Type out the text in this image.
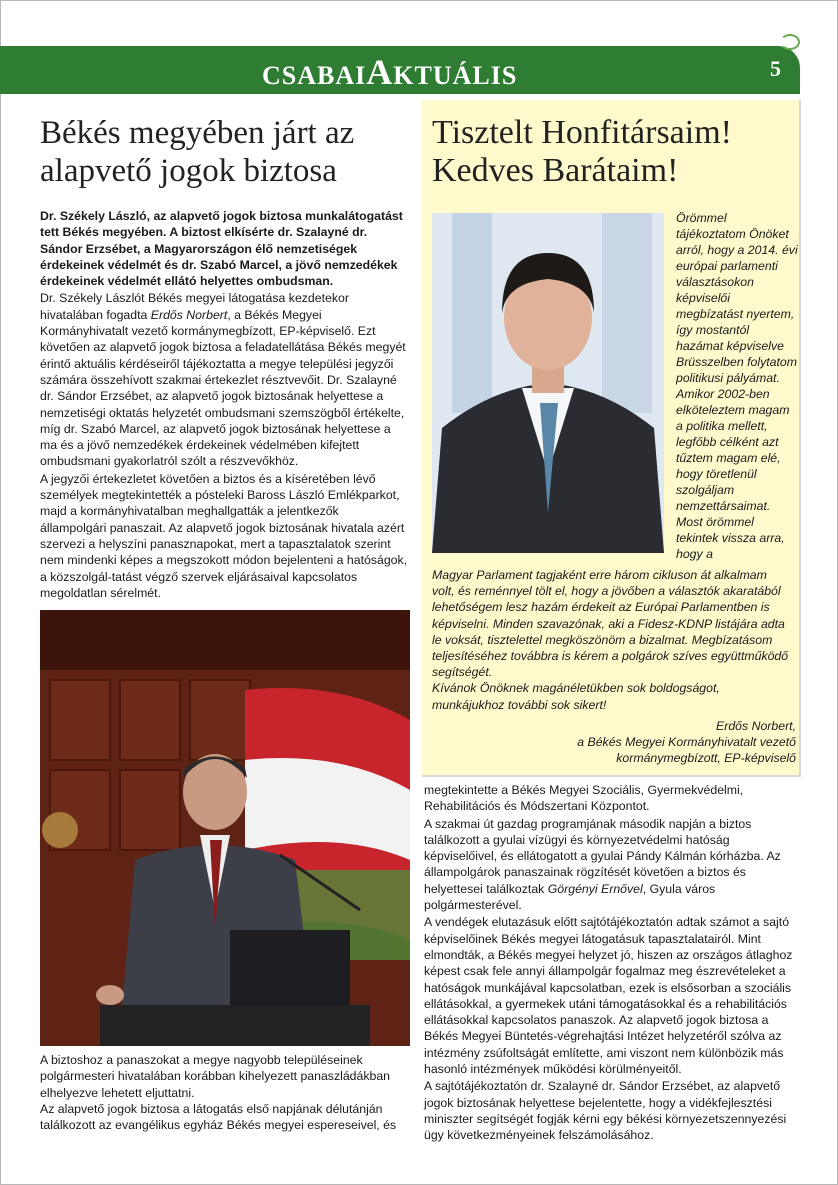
CSABAIAKTUÁLIS	5
Békés megyében járt az alapvető jogok biztosa

Dr. Székely László, az alapvető jogok biztosa munkalátogatást tett Békés megyében. A biztost elkísérte dr. Szalayné dr. Sándor Erzsébet, a Magyarországon élő nemzetiségek érdekeinek védelmét és dr. Szabó Marcel, a jövő nemzedékek érdekeinek védelmét ellátó helyettes ombudsman.

Dr. Székely Lászlót Békés megyei látogatása kezdetekor hivatalában fogadta Erdős Norbert, a Békés Megyei Kormányhivatalt vezető kormánymegbízott, EP-képviselő. Ezt követően az alapvető jogok biztosa a feladatellátása Békés megyét érintő aktuális kérdéseiről tájékoztatta a megye települési jegyzői számára összehívott szakmai értekezlet résztvevőit. Dr. Szalayné dr. Sándor Erzsébet, az alapvető jogok biztosának helyettese a nemzetiségi oktatás helyzetét ombudsmani szemszögből értékelte, míg dr. Szabó Marcel, az alapvető jogok biztosának helyettese a ma és a jövő nemzedékek érdekeinek védelmében kifejtett ombudsmani gyakorlatról szólt a részvevőkhöz.

A jegyzői értekezletet követően a biztos és a kíséretében lévő személyek megtekintették a pósteleki Baross László Emlékparkot, majd a kormányhivatalban meghallgatták a jelentkezők állampolgári panaszait. Az alapvető jogok biztosának hivatala azért szervezi a helyszíni panasznapokat, mert a tapasztalatok szerint nem mindenki képes a megszokott módon bejelenteni a hatóságok, a közszolgál-tatást végző szervek eljárásaival kapcsolatos megoldatlan sérelmét.

A biztoshoz a panaszokat a megye nagyobb településeinek polgármesteri hivatalában korábban kihelyezett panaszládákban elhelyezve lehetett eljuttatni.

Az alapvető jogok biztosa a látogatás első napjának délutánján találkozott az evangélikus egyház Békés megyei espereseivel, és

Tisztelt Honfitársaim! Kedves Barátaim!
Örömmel tájékoztatom Önöket arról, hogy a 2014. évi európai parlamenti választásokon képviselői megbízatást nyertem, így mostantól hazámat képviselve Brüsszelben folytatom politikusi pályámat. Amikor 2002-ben elköteleztem magam a politika mellett, legfőbb célként azt tűztem magam elé, hogy töretlenül szolgáljam nemzettársaimat. Most örömmel tekintek vissza arra, hogy a

Magyar Parlament tagjaként erre három cikluson át alkalmam volt, és reménnyel tölt el, hogy a jövőben a választók akaratából lehetőségem lesz hazám érdekeit az Európai Parlamentben is képviselni. Minden szavazónak, aki a Fidesz-KDNP listájára adta le voksát, tisztelettel megköszönöm a bizalmat. Megbízatásom teljesítéséhez továbbra is kérem a polgárok szíves együttműködő segítségét.

Kívánok Önöknek magánéletükben sok boldogságot, munkájukhoz további sok sikert!

Erdős Norbert,
a Békés Megyei Kormányhivatalt vezető kormánymegbízott, EP-képviselő

megtekintette a Békés Megyei Szociális, Gyermekvédelmi, Rehabilitációs és Módszertani Központot.

A szakmai út gazdag programjának második napján a biztos találkozott a gyulai vízügyi és környezetvédelmi hatóság képviselőivel, és ellátogatott a gyulai Pándy Kálmán kórházba. Az állampolgárok panaszainak rögzítését követően a biztos és helyettesei találkoztak Görgényi Ernővel, Gyula város polgármesterével.

A vendégek elutazásuk előtt sajtótájékoztatón adtak számot a sajtó képviselőinek Békés megyei látogatásuk tapasztalatairól. Mint elmondták, a Békés megyei helyzet jó, hiszen az országos átlaghoz képest csak fele annyi állampolgár fogalmaz meg észrevételeket a hatóságok munkájával kapcsolatban, ezek is elsősorban a szociális ellátásokkal, a gyermekek utáni támogatásokkal és a rehabilitációs ellátásokkal kapcsolatos panaszok. Az alapvető jogok biztosa a Békés Megyei Büntetés-végrehajtási Intézet helyzetéről szólva az intézmény zsúfoltságát említette, ami viszont nem különbözik más hasonló intézmények működési körülményeitől.

A sajtótájékoztatón dr. Szalayné dr. Sándor Erzsébet, az alapvető jogok biztosának helyettese bejelentette, hogy a vidékfejlesztési miniszter segítségét fogják kérni egy békési környezetszennyezési ügy következményeinek felszámolásához.
